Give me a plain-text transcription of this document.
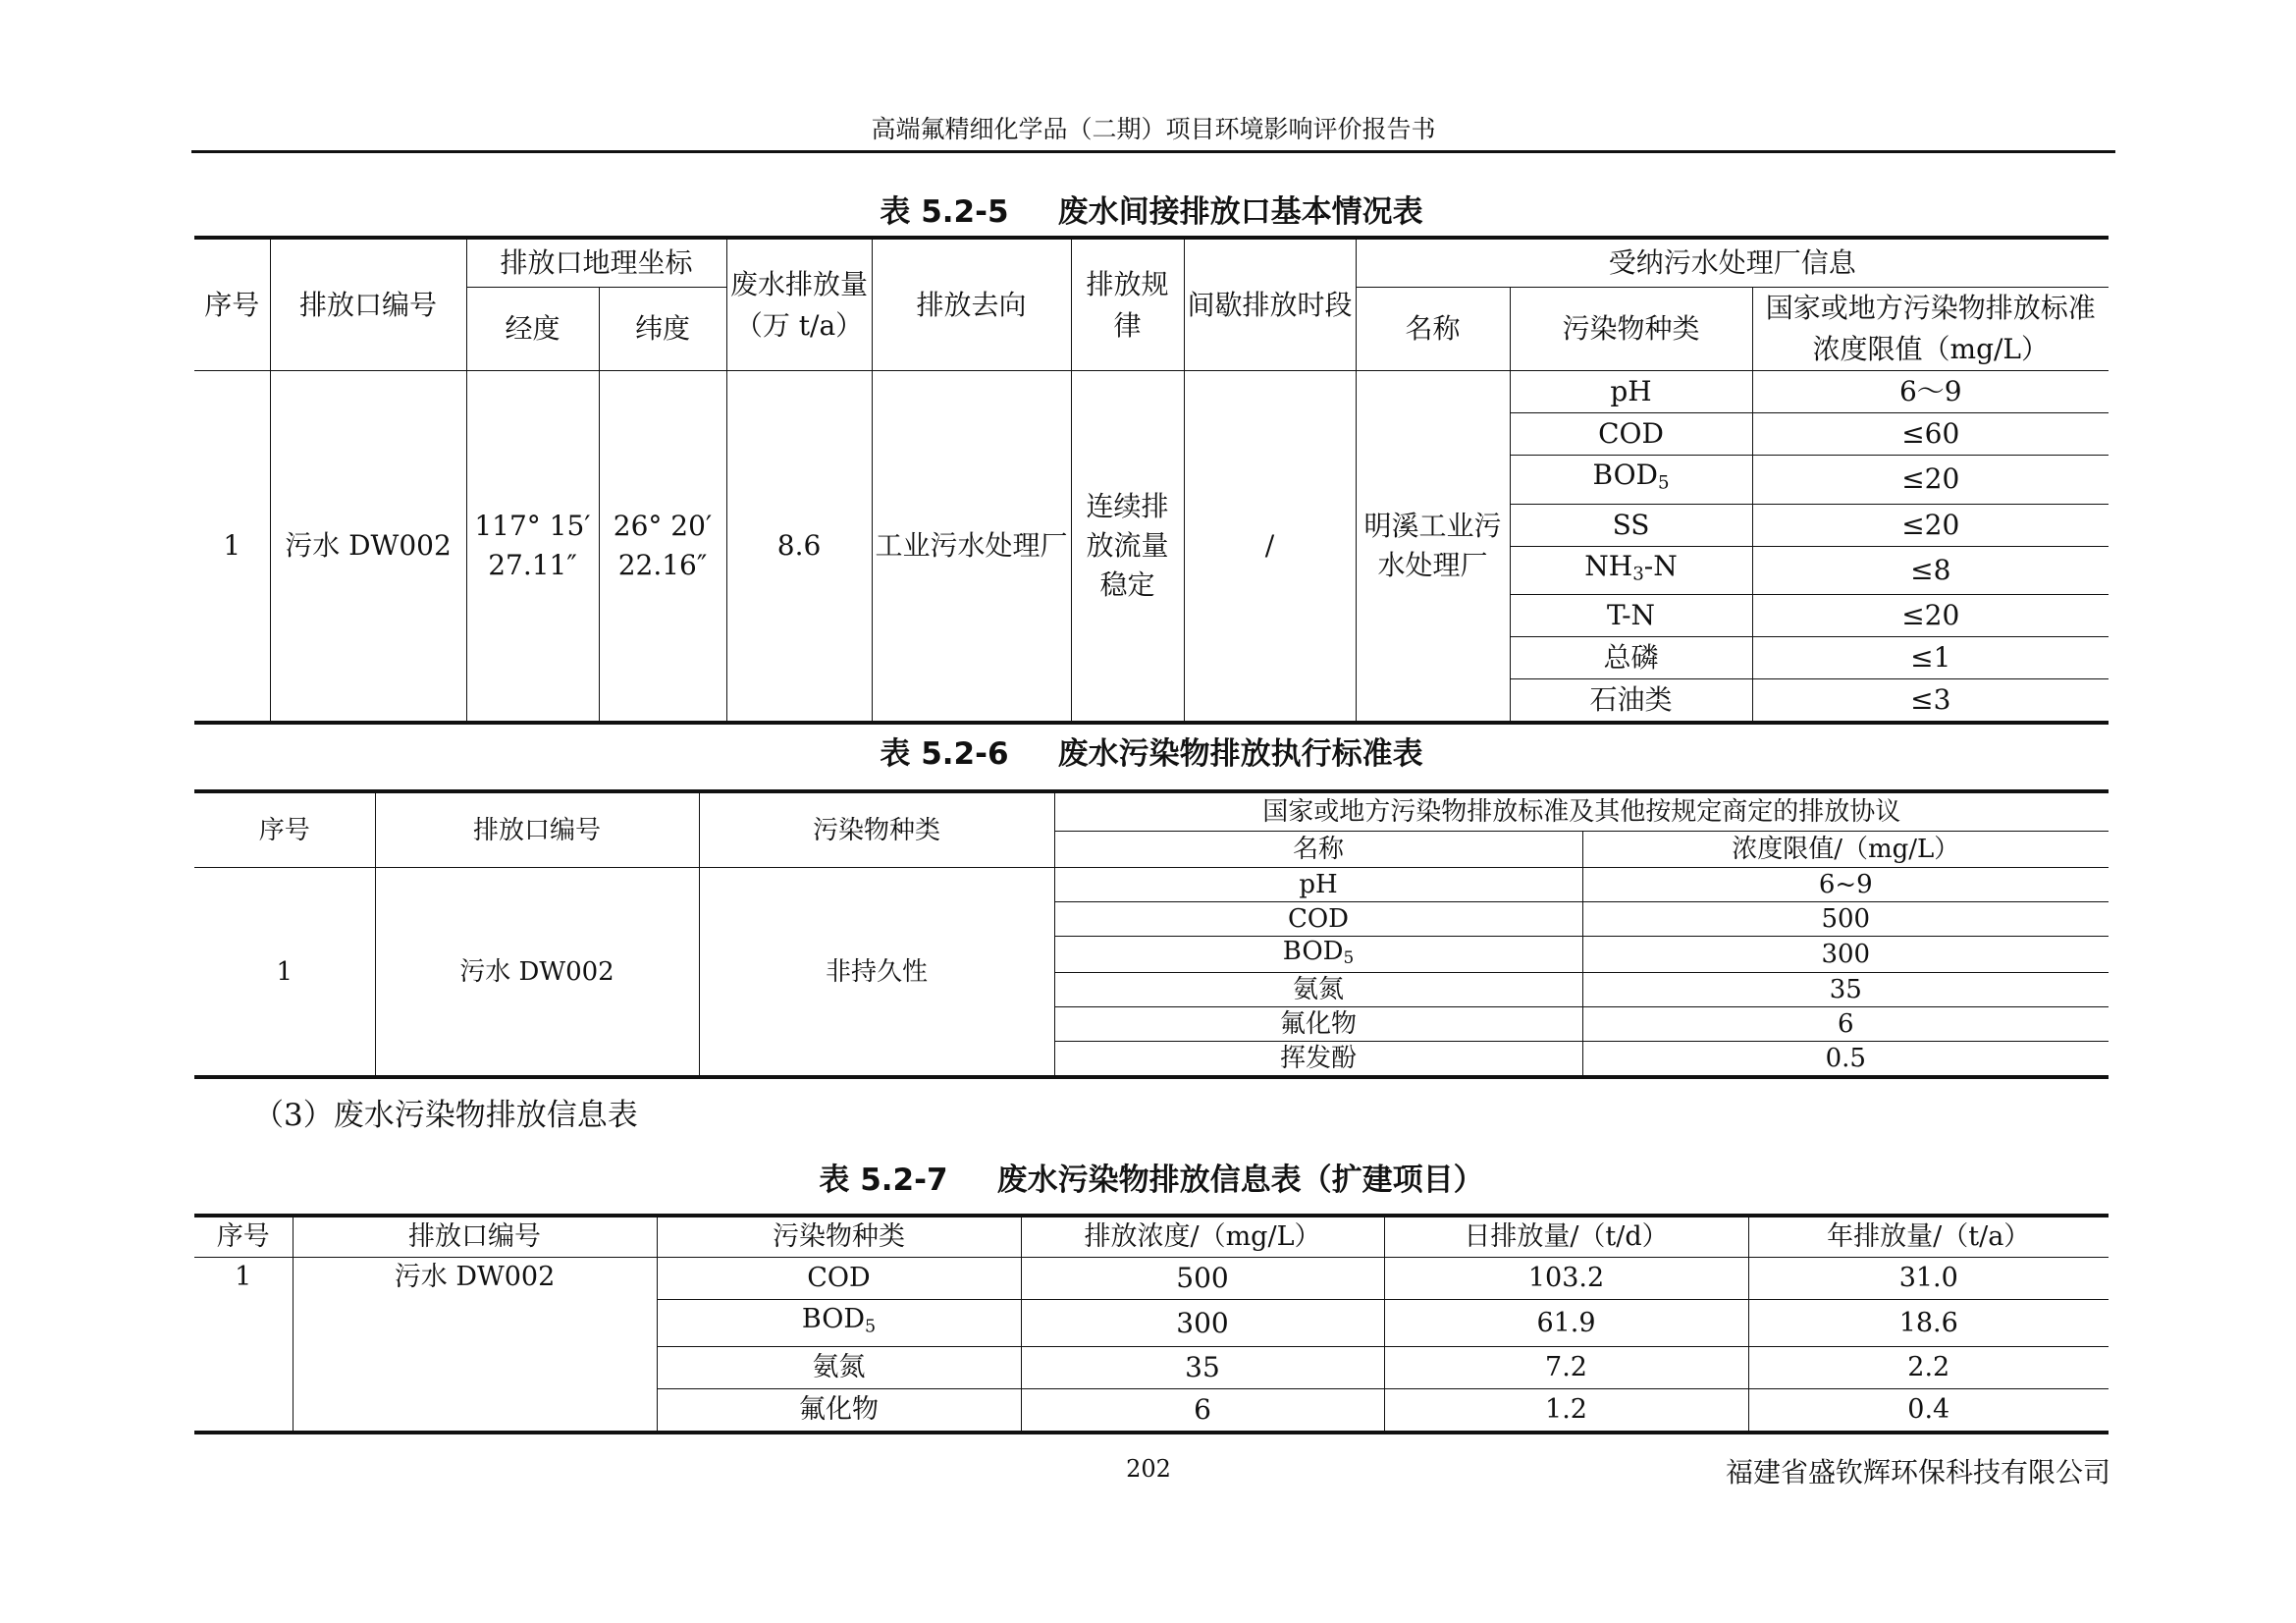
高端氟精细化学品（二期）项目环境影响评价报告书
表 5.2-5 废水间接排放口基本情况表
序号	排放口编号	排放口地理坐标		废水排放量（万 t/a）	排放去向	排放规律	间歇排放时段	受纳污水处理厂信息		
		经度	纬度					名称	污染物种类	国家或地方污染物排放标准浓度限值（mg/L）
1	污水 DW002	117° 15′ 27.11″	26° 20′ 22.16″	8.6	工业污水处理厂	连续排放流量稳定	/	明溪工业污水处理厂	pH	6～9
									COD	≤60
									$BOD_5$	≤20
									SS	≤20
									$NH_3-N$	≤8
									T-N	≤20
									总磷	≤1
									石油类	≤3
表 5.2-6 废水污染物排放执行标准表
序号	排放口编号	污染物种类	国家或地方污染物排放标准及其他按规定商定的排放协议	
			名称	浓度限值/（mg/L）
1	污水 DW002	非持久性	pH	6~9
			COD	500
			$BOD_5$	300
			氨氮	35
			氟化物	6
			挥发酚	0.5
（3）废水污染物排放信息表
表 5.2-7 废水污染物排放信息表（扩建项目）
序号	排放口编号	污染物种类	排放浓度/（mg/L）	日排放量/（t/d）	年排放量/（t/a）
1	污水 DW002	COD	500	103.2	31.0
		$BOD_5$	300	61.9	18.6
		氨氮	35	7.2	2.2
		氟化物	6	1.2	0.4
202	福建省盛钦辉环保科技有限公司
